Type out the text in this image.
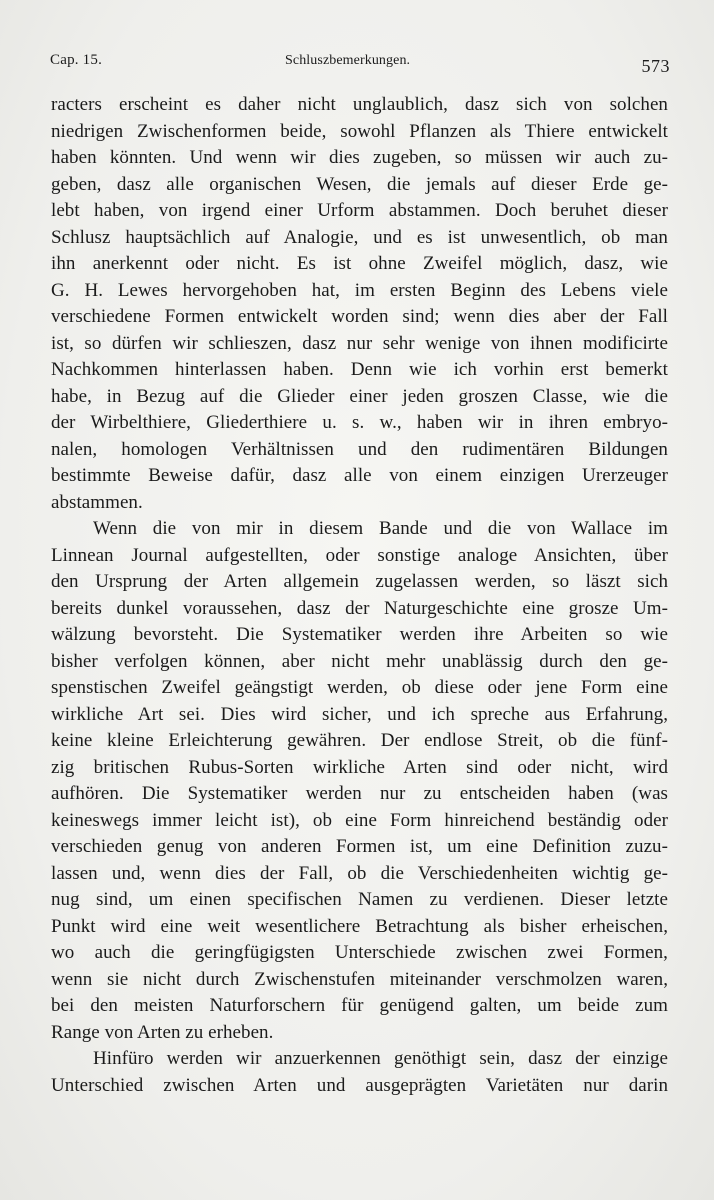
Cap. 15.	Schluszbemerkungen.	573
racters erscheint es daher nicht unglaublich, dasz sich von solchen
niedrigen Zwischenformen beide, sowohl Pflanzen als Thiere entwickelt
haben könnten. Und wenn wir dies zugeben, so müssen wir auch zu-
geben, dasz alle organischen Wesen, die jemals auf dieser Erde ge-
lebt haben, von irgend einer Urform abstammen. Doch beruhet dieser
Schlusz hauptsächlich auf Analogie, und es ist unwesentlich, ob man
ihn anerkennt oder nicht. Es ist ohne Zweifel möglich, dasz, wie
G. H. Lewes hervorgehoben hat, im ersten Beginn des Lebens viele
verschiedene Formen entwickelt worden sind; wenn dies aber der Fall
ist, so dürfen wir schlieszen, dasz nur sehr wenige von ihnen modificirte
Nachkommen hinterlassen haben. Denn wie ich vorhin erst bemerkt
habe, in Bezug auf die Glieder einer jeden groszen Classe, wie die
der Wirbelthiere, Gliederthiere u. s. w., haben wir in ihren embryo-
nalen, homologen Verhältnissen und den rudimentären Bildungen
bestimmte Beweise dafür, dasz alle von einem einzigen Urerzeuger
abstammen.
Wenn die von mir in diesem Bande und die von Wallace im
Linnean Journal aufgestellten, oder sonstige analoge Ansichten, über
den Ursprung der Arten allgemein zugelassen werden, so läszt sich
bereits dunkel voraussehen, dasz der Naturgeschichte eine grosze Um-
wälzung bevorsteht. Die Systematiker werden ihre Arbeiten so wie
bisher verfolgen können, aber nicht mehr unablässig durch den ge-
spenstischen Zweifel geängstigt werden, ob diese oder jene Form eine
wirkliche Art sei. Dies wird sicher, und ich spreche aus Erfahrung,
keine kleine Erleichterung gewähren. Der endlose Streit, ob die fünf-
zig britischen Rubus-Sorten wirkliche Arten sind oder nicht, wird
aufhören. Die Systematiker werden nur zu entscheiden haben (was
keineswegs immer leicht ist), ob eine Form hinreichend beständig oder
verschieden genug von anderen Formen ist, um eine Definition zuzu-
lassen und, wenn dies der Fall, ob die Verschiedenheiten wichtig ge-
nug sind, um einen specifischen Namen zu verdienen. Dieser letzte
Punkt wird eine weit wesentlichere Betrachtung als bisher erheischen,
wo auch die geringfügigsten Unterschiede zwischen zwei Formen,
wenn sie nicht durch Zwischenstufen miteinander verschmolzen waren,
bei den meisten Naturforschern für genügend galten, um beide zum
Range von Arten zu erheben.
Hinfüro werden wir anzuerkennen genöthigt sein, dasz der einzige
Unterschied zwischen Arten und ausgeprägten Varietäten nur darin
